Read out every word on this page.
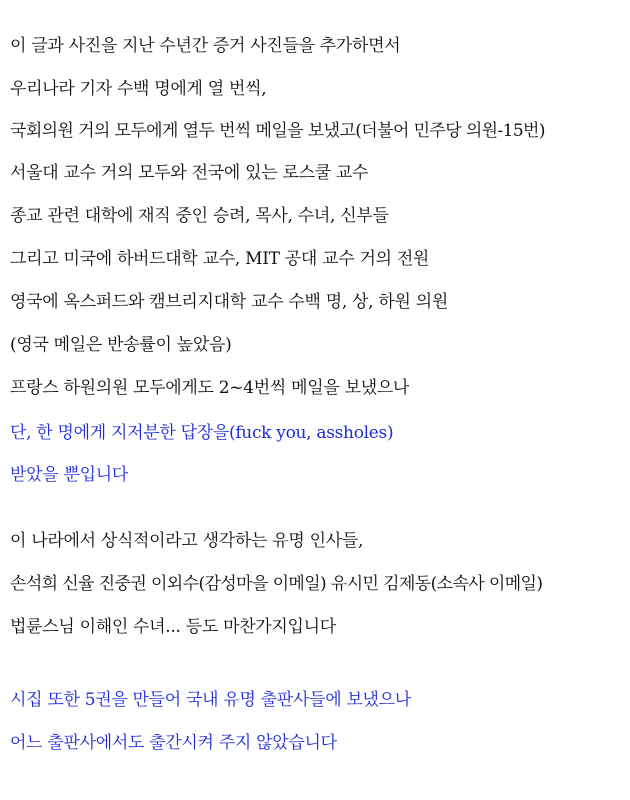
이 글과 사진을 지난 수년간 증거 사진들을 추가하면서
우리나라 기자 수백 명에게 열 번씩,
국회의원 거의 모두에게 열두 번씩 메일을 보냈고(더불어 민주당 의원-15번)
서울대 교수 거의 모두와 전국에 있는 로스쿨 교수
종교 관련 대학에 재직 중인 승려, 목사, 수녀, 신부들
그리고 미국에 하버드대학 교수, MIT 공대 교수 거의 전원
영국에 옥스퍼드와 캠브리지대학 교수 수백 명, 상, 하원 의원
(영국 메일은 반송률이 높았음)
프랑스 하원의원 모두에게도 2~4번씩 메일을 보냈으나
단, 한 명에게 지저분한 답장을(fuck you, assholes)
받았을 뿐입니다
이 나라에서 상식적이라고 생각하는 유명 인사들,
손석희 신율 진중권 이외수(감성마을 이메일) 유시민 김제동(소속사 이메일)
법륜스님 이해인 수녀... 등도 마찬가지입니다
시집 또한 5권을 만들어 국내 유명 출판사들에 보냈으나
어느 출판사에서도 출간시켜 주지 않았습니다
